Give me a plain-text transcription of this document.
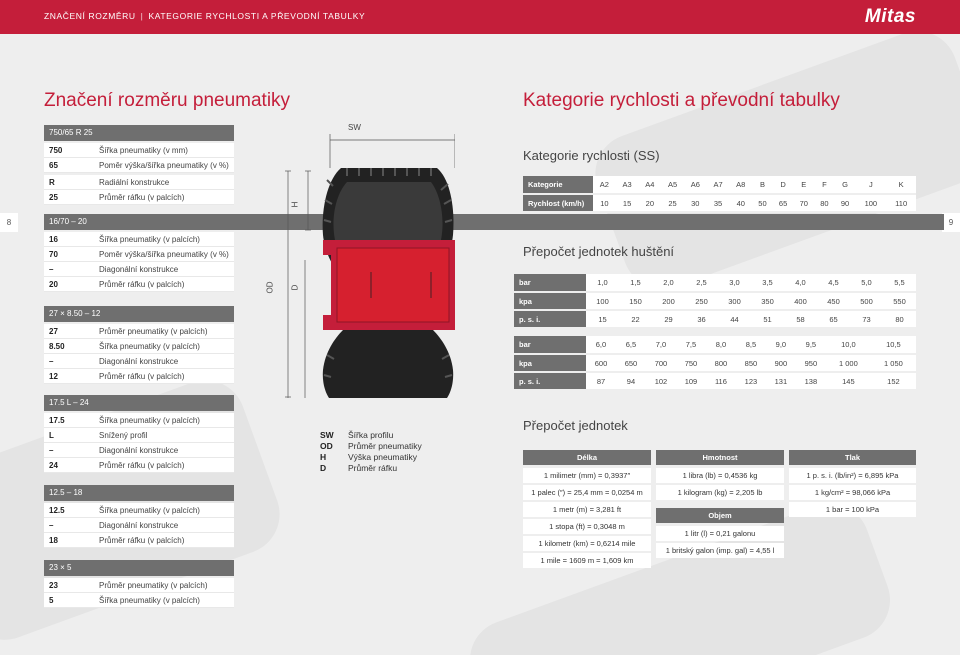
ZNAČENÍ ROZMĚRU | KATEGORIE RYCHLOSTI A PŘEVODNÍ TABULKY	Mitas
Značení rozměru pneumatiky	Kategorie rychlosti a převodní tabulky
8	9
750/65 R 25
750	Šířka pneumatiky (v mm)
65	Poměr výška/šířka pneumatiky (v %)
R	Radiální konstrukce
25	Průměr ráfku (v palcích)
16/70 – 20
16	Šířka pneumatiky (v palcích)
70	Poměr výška/šířka pneumatiky (v %)
–	Diagonální konstrukce
20	Průměr ráfku (v palcích)
27 × 8.50 – 12
27	Průměr pneumatiky (v palcích)
8.50	Šířka pneumatiky (v palcích)
–	Diagonální konstrukce
12	Průměr ráfku (v palcích)
17.5 L – 24
17.5	Šířka pneumatiky (v palcích)
L	Snížený profil
–	Diagonální konstrukce
24	Průměr ráfku (v palcích)
12.5 – 18
12.5	Šířka pneumatiky (v palcích)
–	Diagonální konstrukce
18	Průměr ráfku (v palcích)
23 × 5
23	Průměr pneumatiky (v palcích)
5	Šířka pneumatiky (v palcích)
SW
H
OD D
SW	Šířka profilu
OD	Průměr pneumatiky
H	Výška pneumatiky
D	Průměr ráfku
Kategorie rychlosti (SS)
Kategorie	A2	A3	A4	A5	A6	A7	A8	B	D	E	F	G	J	K
Rychlost (km/h)	10	15	20	25	30	35	40	50	65	70	80	90	100	110
Přepočet jednotek huštění
bar	1,0	1,5	2,0	2,5	3,0	3,5	4,0	4,5	5,0	5,5
kpa	100	150	200	250	300	350	400	450	500	550
p. s. i.	15	22	29	36	44	51	58	65	73	80
bar	6,0	6,5	7,0	7,5	8,0	8,5	9,0	9,5	10,0	10,5
kpa	600	650	700	750	800	850	900	950	1 000	1 050
p. s. i.	87	94	102	109	116	123	131	138	145	152
Přepočet jednotek
Délka
1 milimetr (mm) = 0,3937″
1 palec (″) = 25,4 mm = 0,0254 m
1 metr (m) = 3,281 ft
1 stopa (ft) = 0,3048 m
1 kilometr (km) = 0,6214 mile
1 mile = 1609 m = 1,609 km
Hmotnost
1 libra (lb) = 0,4536 kg
1 kilogram (kg) = 2,205 lb
Objem
1 litr (l) = 0,21 galonu
1 britský galon (imp. gal) = 4,55 l
Tlak
1 p. s. i. (lb/in²) = 6,895 kPa
1 kg/cm² = 98,066 kPa
1 bar = 100 kPa
